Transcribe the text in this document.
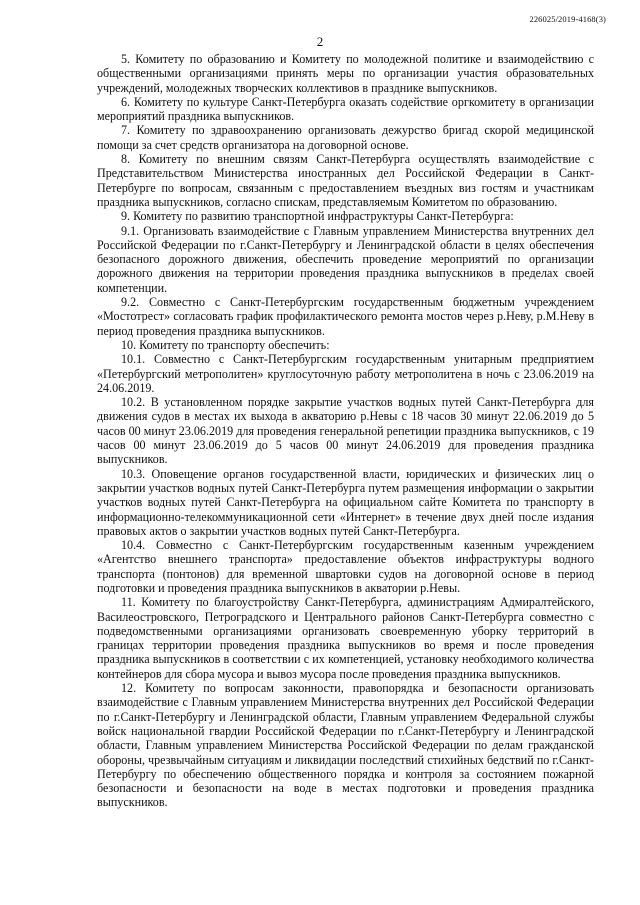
226025/2019-4168(3)
2

5. Комитету по образованию и Комитету по молодежной политике и взаимодействию с общественными организациями принять меры по организации участия образовательных учреждений, молодежных творческих коллективов в празднике выпускников.

6. Комитету по культуре Санкт-Петербурга оказать содействие оргкомитету в организации мероприятий праздника выпускников.

7. Комитету по здравоохранению организовать дежурство бригад скорой медицинской помощи за счет средств организатора на договорной основе.

8. Комитету по внешним связям Санкт-Петербурга осуществлять взаимодействие с Представительством Министерства иностранных дел Российской Федерации в Санкт-Петербурге по вопросам, связанным с предоставлением въездных виз гостям и участникам праздника выпускников, согласно спискам, представляемым Комитетом по образованию.

9. Комитету по развитию транспортной инфраструктуры Санкт-Петербурга:

9.1. Организовать взаимодействие с Главным управлением Министерства внутренних дел Российской Федерации по г.Санкт-Петербургу и Ленинградской области в целях обеспечения безопасного дорожного движения, обеспечить проведение мероприятий по организации дорожного движения на территории проведения праздника выпускников в пределах своей компетенции.

9.2. Совместно с Санкт-Петербургским государственным бюджетным учреждением «Мостотрест» согласовать график профилактического ремонта мостов через р.Неву, р.М.Неву в период проведения праздника выпускников.

10. Комитету по транспорту обеспечить:

10.1. Совместно с Санкт-Петербургским государственным унитарным предприятием «Петербургский метрополитен» круглосуточную работу метрополитена в ночь с 23.06.2019 на 24.06.2019.

10.2. В установленном порядке закрытие участков водных путей Санкт-Петербурга для движения судов в местах их выхода в акваторию р.Невы с 18 часов 30 минут 22.06.2019 до 5 часов 00 минут 23.06.2019 для проведения генеральной репетиции праздника выпускников, с 19 часов 00 минут 23.06.2019 до 5 часов 00 минут 24.06.2019 для проведения праздника выпускников.

10.3. Оповещение органов государственной власти, юридических и физических лиц о закрытии участков водных путей Санкт-Петербурга путем размещения информации о закрытии участков водных путей Санкт-Петербурга на официальном сайте Комитета по транспорту в информационно-телекоммуникационной сети «Интернет» в течение двух дней после издания правовых актов о закрытии участков водных путей Санкт-Петербурга.

10.4. Совместно с Санкт-Петербургским государственным казенным учреждением «Агентство внешнего транспорта» предоставление объектов инфраструктуры водного транспорта (понтонов) для временной швартовки судов на договорной основе в период подготовки и проведения праздника выпускников в акватории р.Невы.

11. Комитету по благоустройству Санкт-Петербурга, администрациям Адмиралтейского, Василеостровского, Петроградского и Центрального районов Санкт-Петербурга совместно с подведомственными организациями организовать своевременную уборку территорий в границах территории проведения праздника выпускников во время и после проведения праздника выпускников в соответствии с их компетенцией, установку необходимого количества контейнеров для сбора мусора и вывоз мусора после проведения праздника выпускников.

12. Комитету по вопросам законности, правопорядка и безопасности организовать взаимодействие с Главным управлением Министерства внутренних дел Российской Федерации по г.Санкт-Петербургу и Ленинградской области, Главным управлением Федеральной службы войск национальной гвардии Российской Федерации по г.Санкт-Петербургу и Ленинградской области, Главным управлением Министерства Российской Федерации по делам гражданской обороны, чрезвычайным ситуациям и ликвидации последствий стихийных бедствий по г.Санкт-Петербургу по обеспечению общественного порядка и контроля за состоянием пожарной безопасности и безопасности на воде в местах подготовки и проведения праздника выпускников.
